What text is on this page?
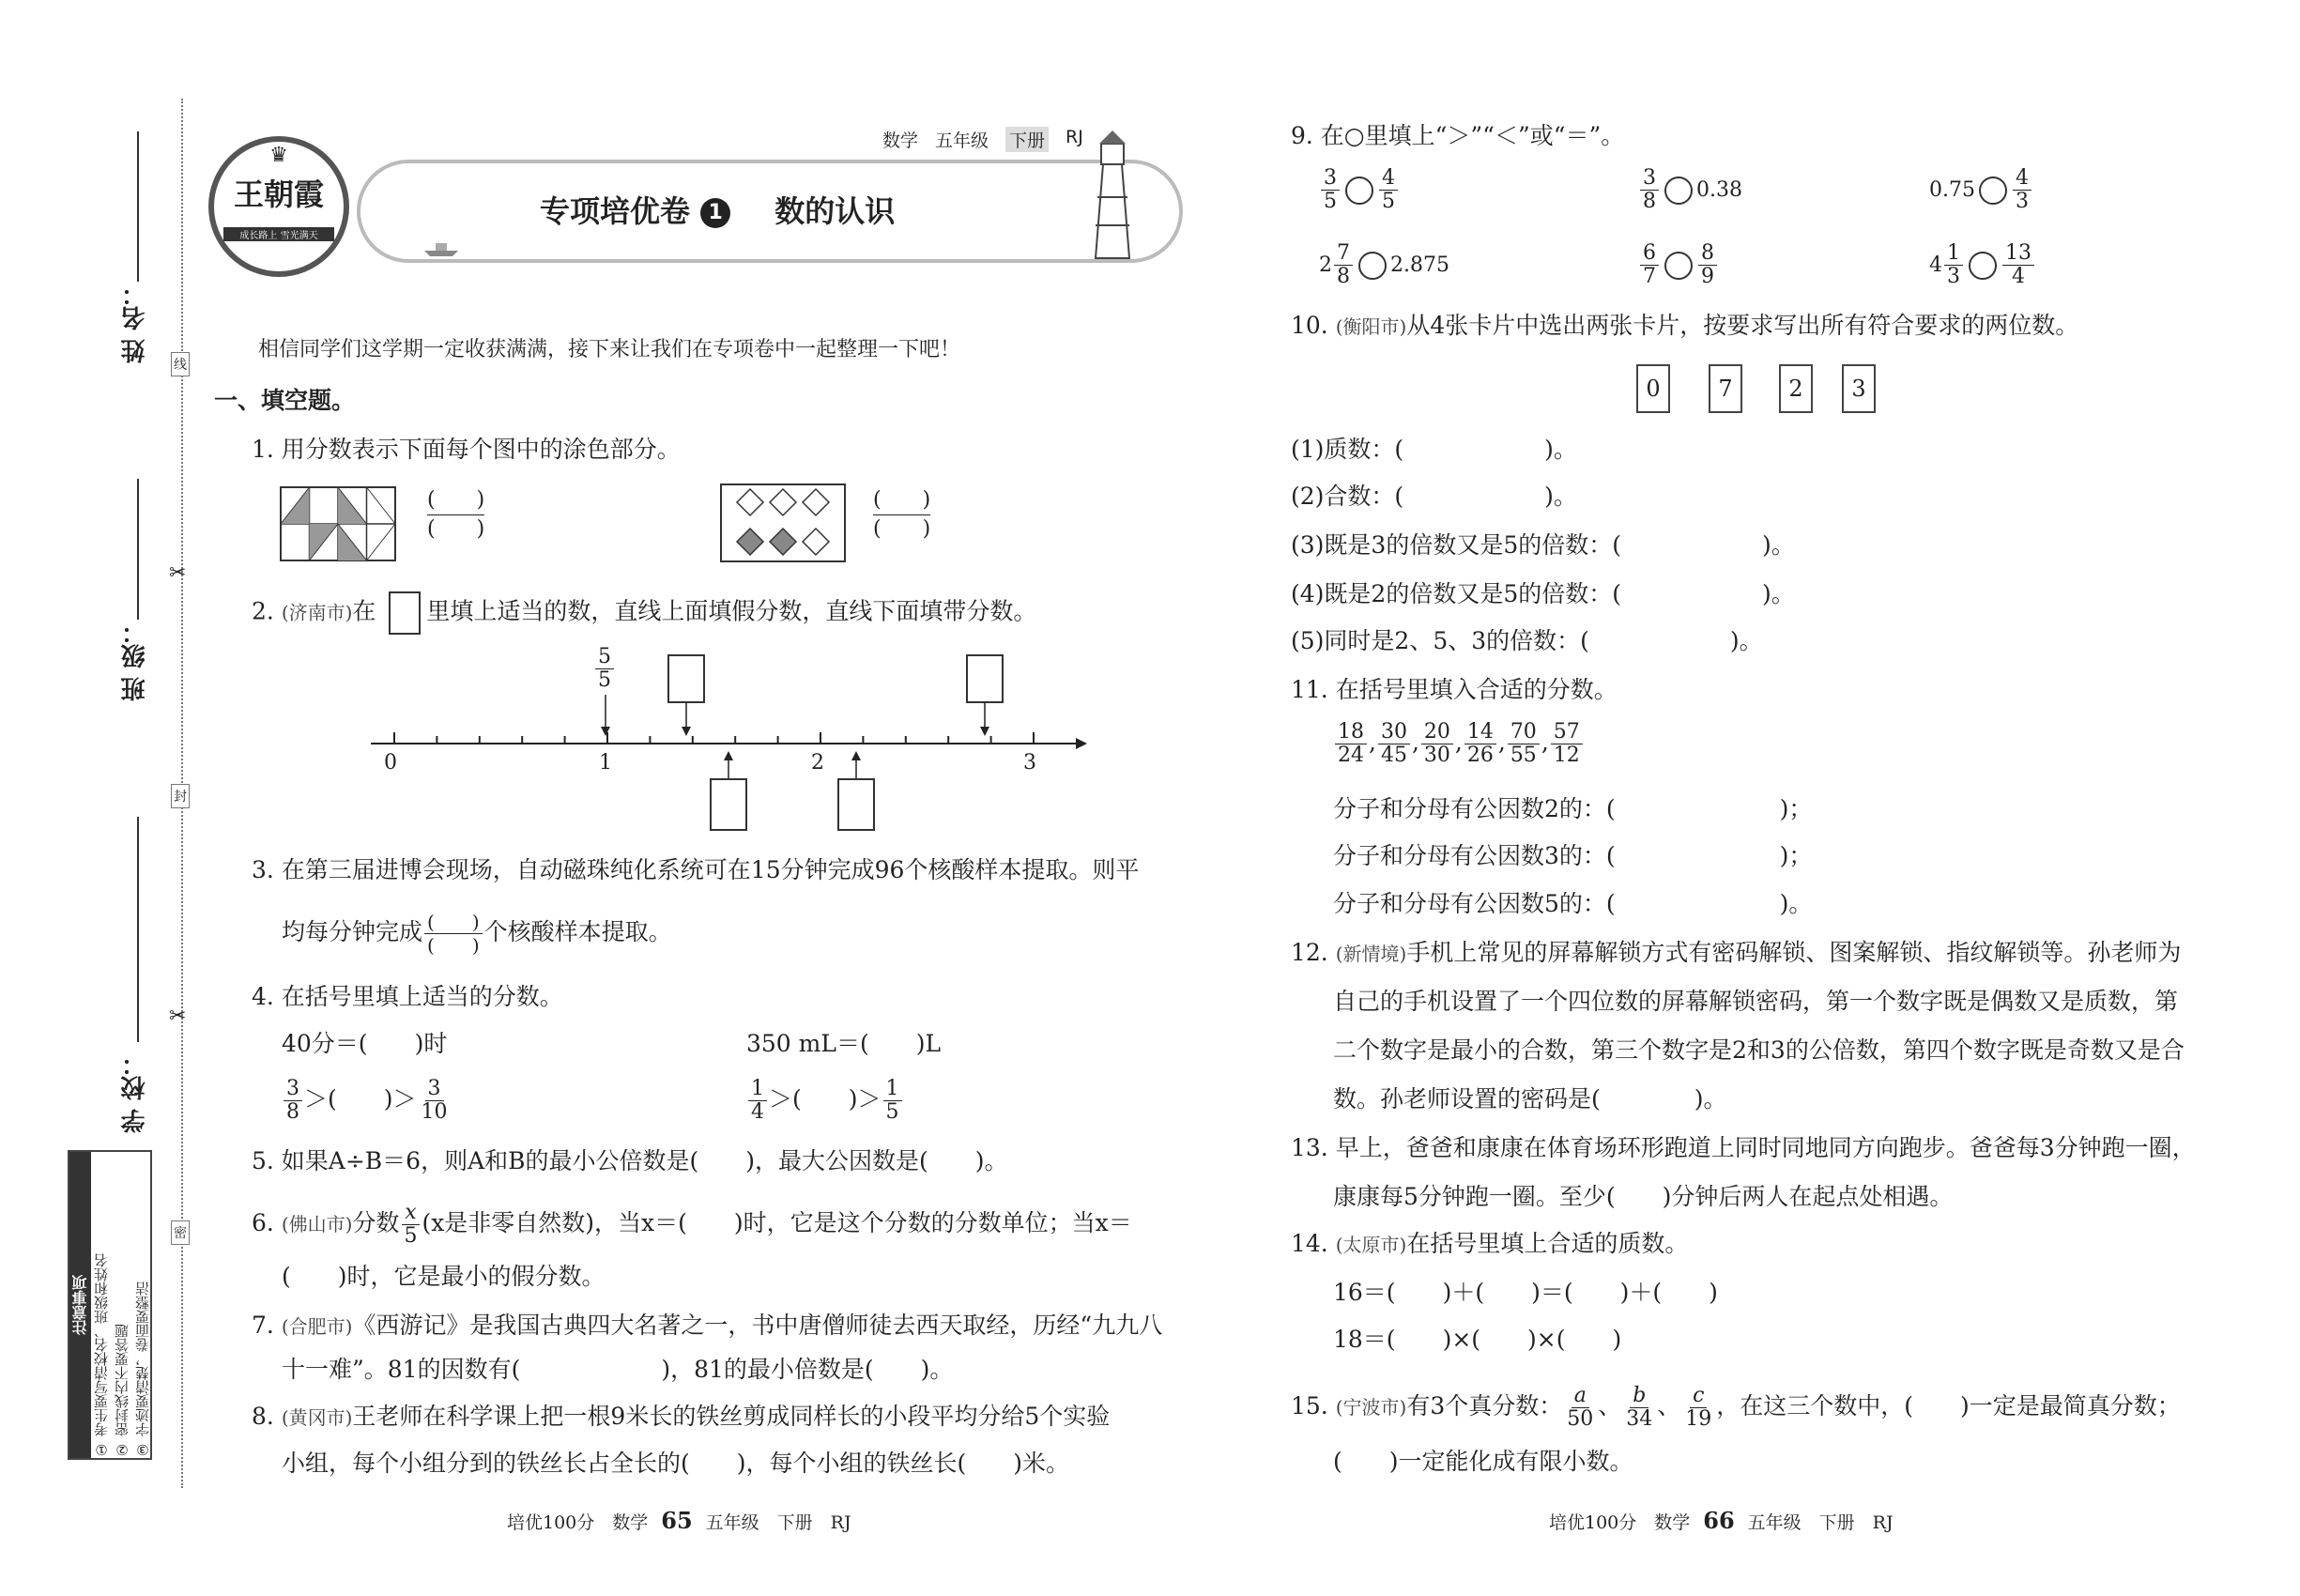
线
封
密
✂
✂
姓 名：
班 级：
学 校：
注意事项	③ 字迹要清楚，卷面要整洁
② 密封线内不要答题
① 考生要写清校名、班级和姓名
♛
王朝霞
成长路上 雪光满天
数学 五年级 下册 RJ
专项培优卷 1 数的认识
相信同学们这学期一定收获满满，接下来让我们在专项卷中一起整理一下吧！
一、填空题。
1. 用分数表示下面每个图中的涂色部分。
(　　)
(　　)
(　　)
(　　)
2. (济南市)在 里填上适当的数，直线上面填假分数，直线下面填带分数。
0	1	2	3
$\frac{5}{5}$
3. 在第三届进博会现场，自动磁珠纯化系统可在15分钟完成96个核酸样本提取。则平
均每分钟完成 $\frac{( )}{( )}$ 个核酸样本提取。
4. 在括号里填上适当的分数。
40分＝(　　)时	350 mL＝(　　)L
$\frac{3}{8}$ ＞(　　)＞ $\frac{3}{10}$	$\frac{1}{4}$ ＞(　　)＞ $\frac{1}{5}$
5. 如果A÷B＝6，则A和B的最小公倍数是(　　)，最大公因数是(　　)。
6. (佛山市)分数 $\frac{x}{5} (x$是非零自然数)，当x＝(　　)时，它是这个分数的分数单位；当x＝
(　　)时，它是最小的假分数。
7. (合肥市)《西游记》是我国古典四大名著之一，书中唐僧师徒去西天取经，历经“九九八
十一难”。81的因数有(　　　　　　)，81的最小倍数是(　　)。
8. (黄冈市)王老师在科学课上把一根9米长的铁丝剪成同样长的小段平均分给5个实验
小组，每个小组分到的铁丝长占全长的(　　)，每个小组的铁丝长(　　)米。
培优100分　数学 65 五年级　下册　RJ
9. 在○里填上“＞”“＜”或“＝”。
$\frac{3}{5} \frac{4}{5}$	$\frac{3}{8} 0.38$	$0.75 \frac{4}{3}$
$2 \frac{7}{8} 2.875$	$\frac{6}{7} \frac{8}{9}$	$4 \frac{1}{3} \frac{13}{4}$
10. (衡阳市)从4张卡片中选出两张卡片，按要求写出所有符合要求的两位数。
0	7	2	3
(1)质数：(　　　　　　)。
(2)合数：(　　　　　　)。
(3)既是3的倍数又是5的倍数：(　　　　　　)。
(4)既是2的倍数又是5的倍数：(　　　　　　)。
(5)同时是2、5、3的倍数：(　　　　　　)。
11. 在括号里填入合适的分数。
$\frac{18}{24}$ , $\frac{30}{45}$ , $\frac{20}{30}$ , $\frac{14}{26}$ , $\frac{70}{55}$ , $\frac{57}{12}$
分子和分母有公因数2的：(　　　　　　　)；
分子和分母有公因数3的：(　　　　　　　)；
分子和分母有公因数5的：(　　　　　　　)。
12. (新情境)手机上常见的屏幕解锁方式有密码解锁、图案解锁、指纹解锁等。孙老师为
自己的手机设置了一个四位数的屏幕解锁密码，第一个数字既是偶数又是质数，第
二个数字是最小的合数，第三个数字是2和3的公倍数，第四个数字既是奇数又是合
数。孙老师设置的密码是(　　　　)。
13. 早上，爸爸和康康在体育场环形跑道上同时同地同方向跑步。爸爸每3分钟跑一圈，
康康每5分钟跑一圈。至少(　　)分钟后两人在起点处相遇。
14. (太原市)在括号里填上合适的质数。
16＝(　　)＋(　　)＝(　　)＋(　　)
18＝(　　)×(　　)×(　　)
15. (宁波市)有3个真分数： $\frac{a}{50}$ 、 $\frac{b}{34}$ 、 $\frac{c}{19}$ ，在这三个数中，(　　)一定是最简真分数；
(　　)一定能化成有限小数。
培优100分　数学 66 五年级　下册　RJ
